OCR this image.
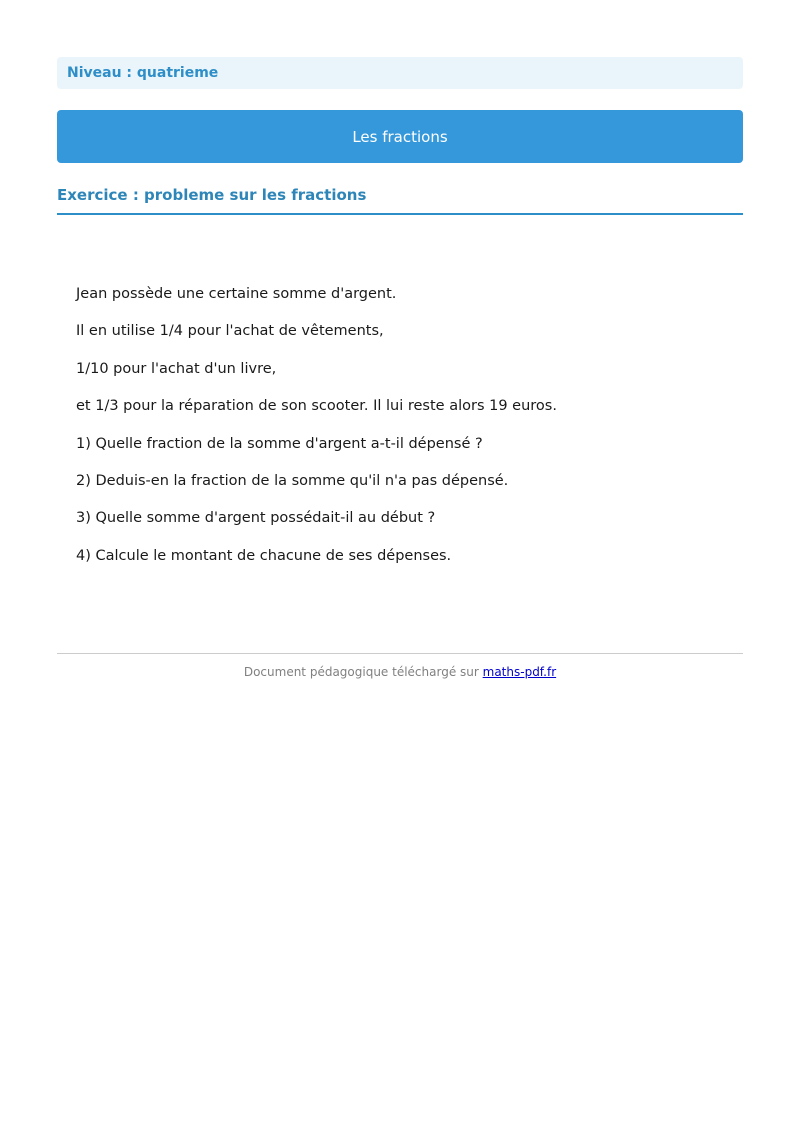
Niveau : quatrieme
Les fractions
Exercice : probleme sur les fractions
Jean possède une certaine somme d'argent.
Il en utilise 1/4 pour l'achat de vêtements,
1/10 pour l'achat d'un livre,
et 1/3 pour la réparation de son scooter. Il lui reste alors 19 euros.
1) Quelle fraction de la somme d'argent a-t-il dépensé ?
2) Deduis-en la fraction de la somme qu'il n'a pas dépensé.
3) Quelle somme d'argent possédait-il au début ?
4) Calcule le montant de chacune de ses dépenses.
Document pédagogique téléchargé sur maths-pdf.fr
